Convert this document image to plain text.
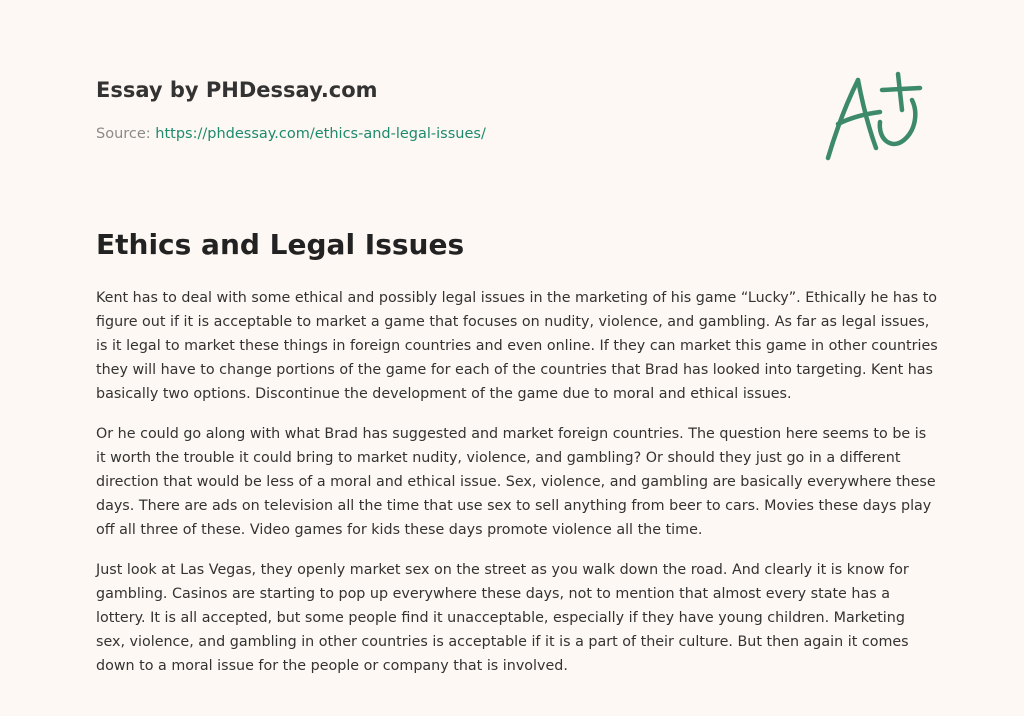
Essay by PHDessay.com
Source: https://phdessay.com/ethics-and-legal-issues/
Ethics and Legal Issues

Kent has to deal with some ethical and possibly legal issues in the marketing of his game “Lucky”. Ethically he has to figure out if it is acceptable to market a game that focuses on nudity, violence, and gambling. As far as legal issues, is it legal to market these things in foreign countries and even online. If they can market this game in other countries they will have to change portions of the game for each of the countries that Brad has looked into targeting. Kent has basically two options. Discontinue the development of the game due to moral and ethical issues.

Or he could go along with what Brad has suggested and market foreign countries. The question here seems to be is it worth the trouble it could bring to market nudity, violence, and gambling? Or should they just go in a different direction that would be less of a moral and ethical issue. Sex, violence, and gambling are basically everywhere these days. There are ads on television all the time that use sex to sell anything from beer to cars. Movies these days play off all three of these. Video games for kids these days promote violence all the time.

Just look at Las Vegas, they openly market sex on the street as you walk down the road. And clearly it is know for gambling. Casinos are starting to pop up everywhere these days, not to mention that almost every state has a lottery. It is all accepted, but some people find it unacceptable, especially if they have young children. Marketing sex, violence, and gambling in other countries is acceptable if it is a part of their culture. But then again it comes down to a moral issue for the people or company that is involved.
